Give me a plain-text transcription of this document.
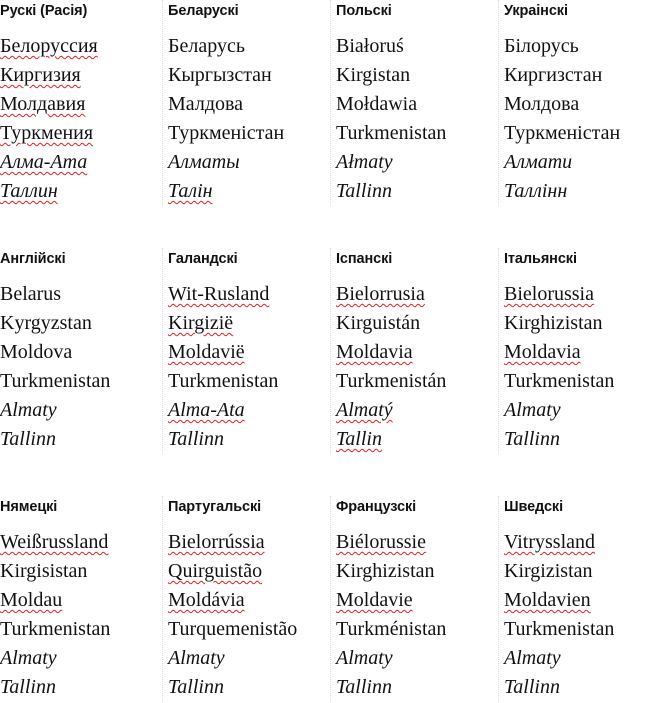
Рускі (Расія)
Белоруссия
Киргизия
Молдавия
Туркмения
Алма-Ата
Таллин
Беларускі
Беларусь
Кыргызстан
Малдова
Туркменістан
Алматы
Талін
Польскі
Białoruś
Kirgistan
Mołdawia
Turkmenistan
Ałmaty
Tallinn
Украінскі
Білорусь
Киргизстан
Молдова
Туркменістан
Алмати
Таллінн
Англійскі
Belarus
Kyrgyzstan
Moldova
Turkmenistan
Almaty
Tallinn
Галандскі
Wit-Rusland
Kirgizië
Moldavië
Turkmenistan
Alma-Ata
Tallinn
Іспанскі
Bielorrusia
Kirguistán
Moldavia
Turkmenistán
Almatý
Tallin
Італьянскі
Bielorussia
Kirghizistan
Moldavia
Turkmenistan
Almaty
Tallinn
Нямецкі
Weißrussland
Kirgisistan
Moldau
Turkmenistan
Almaty
Tallinn
Партугальскі
Bielorrússia
Quirguistão
Moldávia
Turquemenistão
Almaty
Tallinn
Французскі
Biélorussie
Kirghizistan
Moldavie
Turkménistan
Almaty
Tallinn
Шведскі
Vitryssland
Kirgizistan
Moldavien
Turkmenistan
Almaty
Tallinn
